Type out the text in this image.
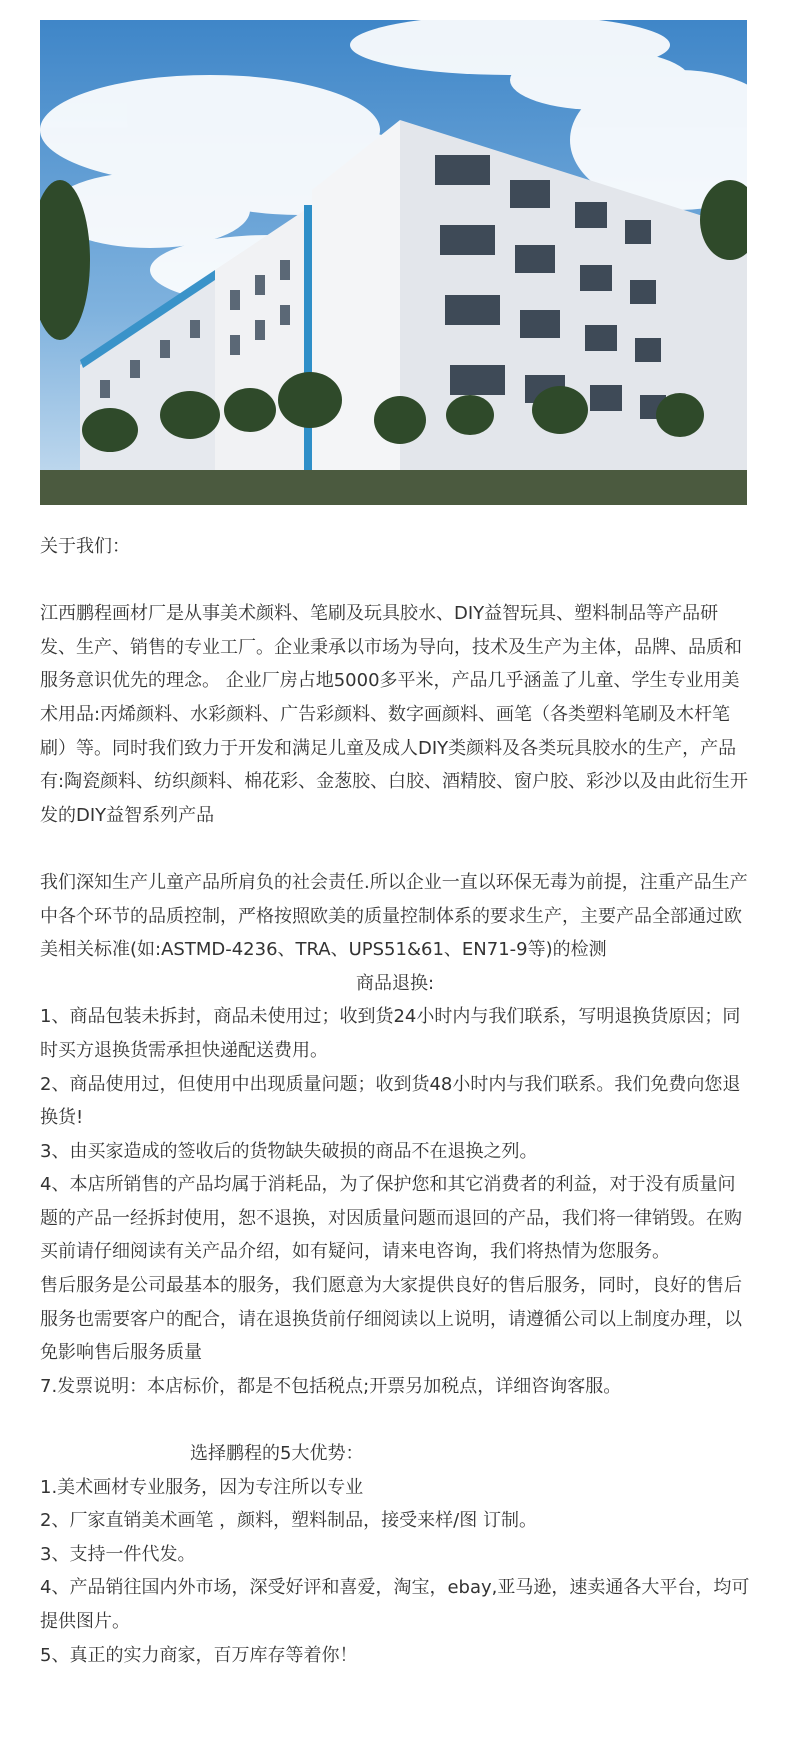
关于我们：

江西鹏程画材厂是从事美术颜料、笔刷及玩具胶水、DIY益智玩具、塑料制品等产品研发、生产、销售的专业工厂。企业秉承以市场为导向，技术及生产为主体，品牌、品质和服务意识优先的理念。 企业厂房占地5000多平米，产品几乎涵盖了儿童、学生专业用美术用品:丙烯颜料、水彩颜料、广告彩颜料、数字画颜料、画笔（各类塑料笔刷及木杆笔刷）等。同时我们致力于开发和满足儿童及成人DIY类颜料及各类玩具胶水的生产，产品有:陶瓷颜料、纺织颜料、棉花彩、金葱胶、白胶、酒精胶、窗户胶、彩沙以及由此衍生开发的DIY益智系列产品

我们深知生产儿童产品所肩负的社会责任.所以企业一直以环保无毒为前提，注重产品生产中各个环节的品质控制，严格按照欧美的质量控制体系的要求生产，主要产品全部通过欧美相关标准(如:ASTMD-4236、TRA、UPS51&61、EN71-9等)的检测

商品退换:

1、商品包装未拆封，商品未使用过；收到货24小时内与我们联系，写明退换货原因；同时买方退换货需承担快递配送费用。

2、商品使用过，但使用中出现质量问题；收到货48小时内与我们联系。我们免费向您退换货!

3、由买家造成的签收后的货物缺失破损的商品不在退换之列。

4、本店所销售的产品均属于消耗品，为了保护您和其它消费者的利益，对于没有质量问题的产品一经拆封使用，恕不退换，对因质量问题而退回的产品，我们将一律销毁。在购买前请仔细阅读有关产品介绍，如有疑问，请来电咨询，我们将热情为您服务。

售后服务是公司最基本的服务，我们愿意为大家提供良好的售后服务，同时，良好的售后服务也需要客户的配合，请在退换货前仔细阅读以上说明，请遵循公司以上制度办理，以免影响售后服务质量

7.发票说明：本店标价，都是不包括税点;开票另加税点，详细咨询客服。

选择鹏程的5大优势：

1.美术画材专业服务，因为专注所以专业

2、厂家直销美术画笔 ，颜料，塑料制品，接受来样/图 订制。

3、支持一件代发。

4、产品销往国内外市场，深受好评和喜爱，淘宝，ebay,亚马逊，速卖通各大平台，均可提供图片。

5、真正的实力商家，百万库存等着你！
